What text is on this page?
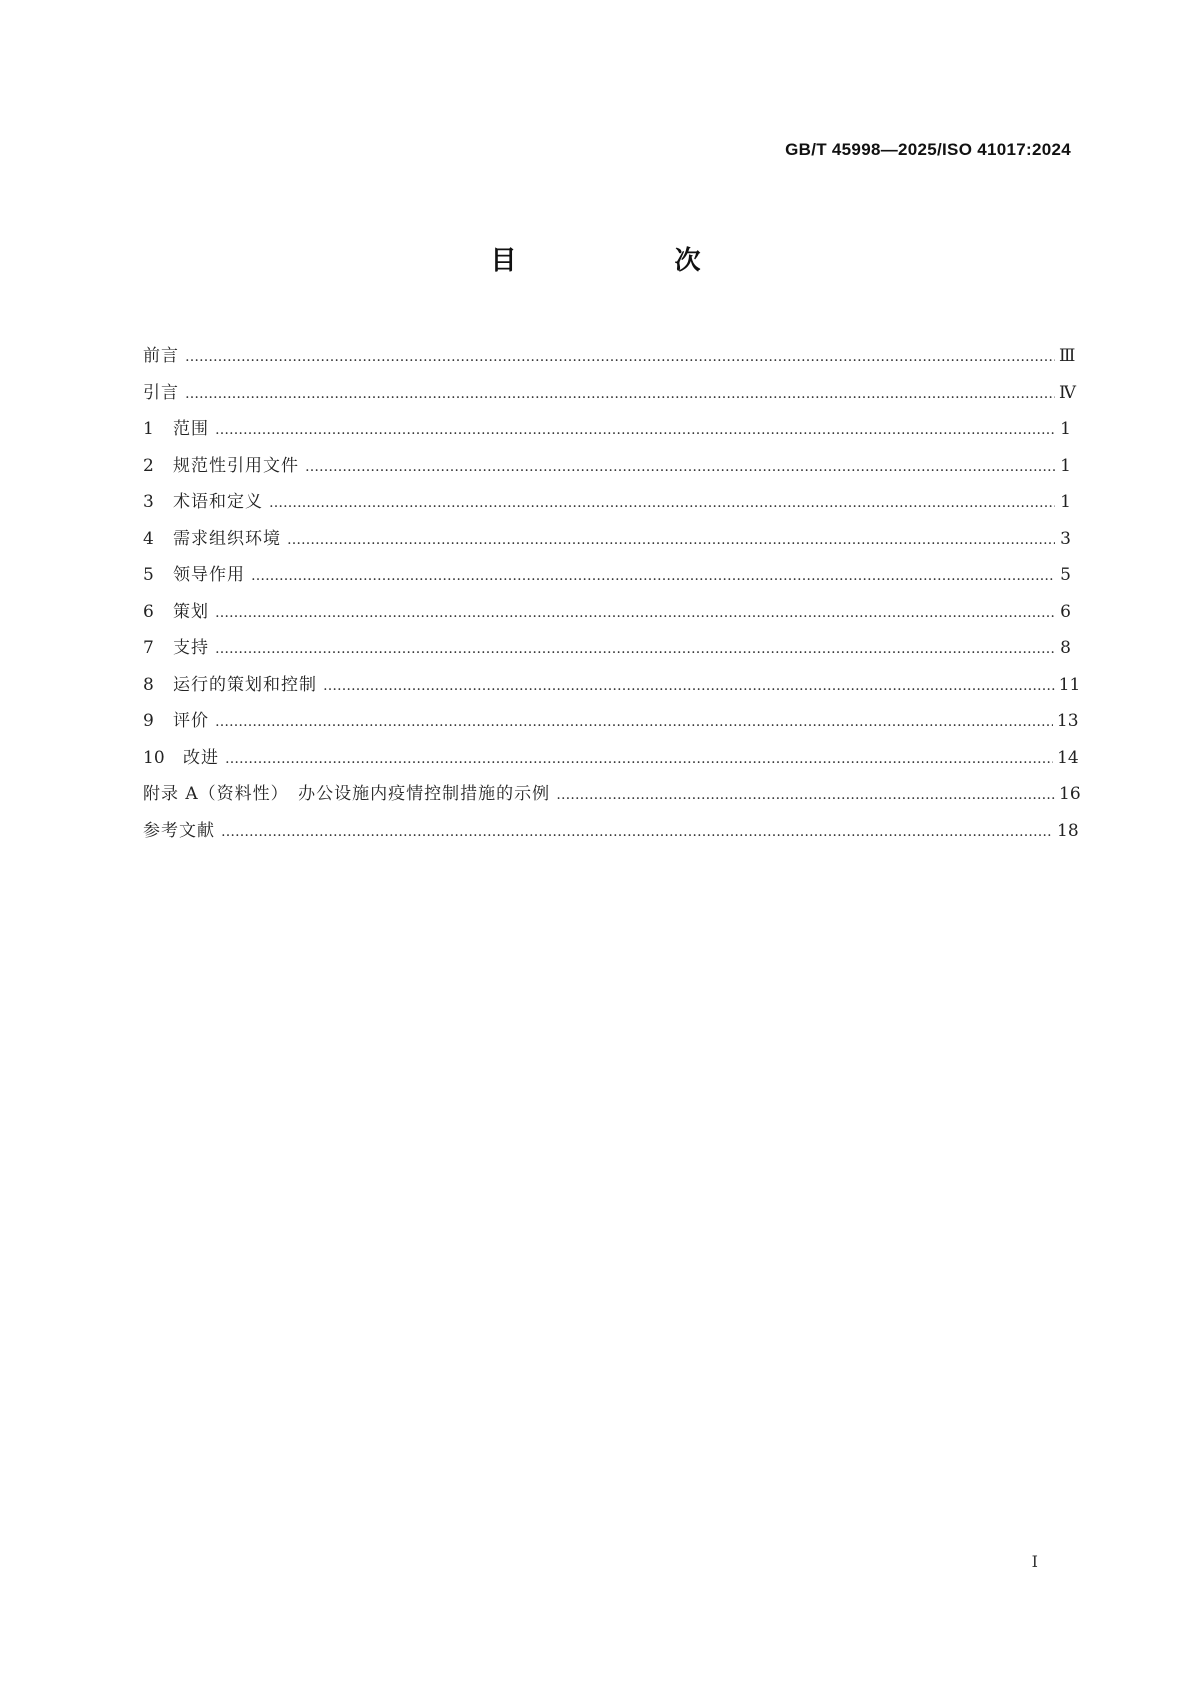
GB/T 45998—2025/ISO 41017:2024
目　次
前言 ……………………………………………………………………………………………………………………………………………………………………………………………………………………………………………………	Ⅲ
引言 ……………………………………………………………………………………………………………………………………………………………………………………………………………………………………………………	Ⅳ
1	范围 ……………………………………………………………………………………………………………………………………………………………………………………………………………………………………………………	1
2	规范性引用文件 ……………………………………………………………………………………………………………………………………………………………………………………………………………………………………………………	1
3	术语和定义 ……………………………………………………………………………………………………………………………………………………………………………………………………………………………………………………	1
4	需求组织环境 ……………………………………………………………………………………………………………………………………………………………………………………………………………………………………………………	3
5	领导作用 ……………………………………………………………………………………………………………………………………………………………………………………………………………………………………………………	5
6	策划 ……………………………………………………………………………………………………………………………………………………………………………………………………………………………………………………	6
7	支持 ……………………………………………………………………………………………………………………………………………………………………………………………………………………………………………………	8
8	运行的策划和控制 ……………………………………………………………………………………………………………………………………………………………………………………………………………………………………………………	11
9	评价 ……………………………………………………………………………………………………………………………………………………………………………………………………………………………………………………	13
10	改进 ……………………………………………………………………………………………………………………………………………………………………………………………………………………………………………………	14
附录 A（资料性）　办公设施内疫情控制措施的示例 ……………………………………………………………………………………………………………………………………………………………………………………………………………………………………………………	16
参考文献 ……………………………………………………………………………………………………………………………………………………………………………………………………………………………………………………	18
Ⅰ
